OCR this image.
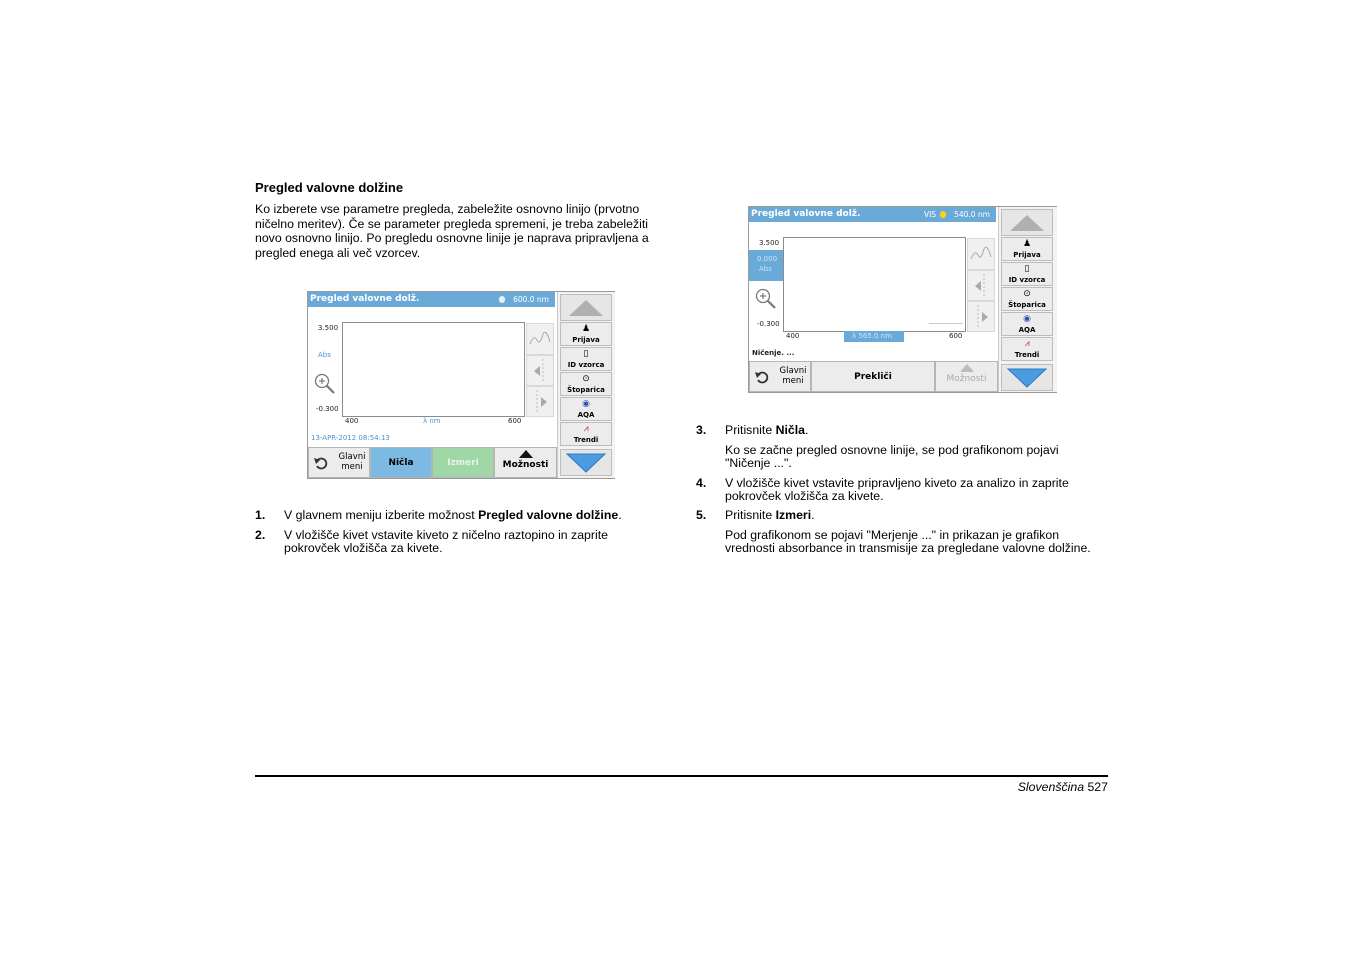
Pregled valovne dolžine
Ko izberete vse parametre pregleda, zabeležite osnovno linijo (prvotno
ničelno meritev). Če se parameter pregleda spremeni, je treba zabeležiti
novo osnovno linijo. Po pregledu osnovne linije je naprava pripravljena a
pregled enega ali več vzorcev.
Pregled valovne dolž.	600.0 nm
3.500
Abs
-0.300
400	λ nm	600
13-APR-2012 08:54:13
♟
Prijava
▯
ID vzorca
⊙
Štoparica
◉
AQA
⩘
Trendi
Glavni meni	Ničla	Izmeri	Možnosti
Pregled valovne dolž.	VIS 540.0 nm
3.500
0.000
Abs
-0.300
400	λ 565.0 nm	600
Ničenje. ...
♟
Prijava
▯
ID vzorca
⊙
Štoparica
◉
AQA
⩘
Trendi
Glavni meni	Prekliči	Možnosti
1. V glavnem meniju izberite možnost Pregled valovne dolžine.
2. V vložišče kivet vstavite kiveto z ničelno raztopino in zaprite
pokrovček vložišča za kivete.
3. Pritisnite Ničla.
Ko se začne pregled osnovne linije, se pod grafikonom pojavi
"Ničenje ...".
4. V vložišče kivet vstavite pripravljeno kiveto za analizo in zaprite
pokrovček vložišča za kivete.
5. Pritisnite Izmeri.
Pod grafikonom se pojavi "Merjenje ..." in prikazan je grafikon
vrednosti absorbance in transmisije za pregledane valovne dolžine.
Slovenščina 527
